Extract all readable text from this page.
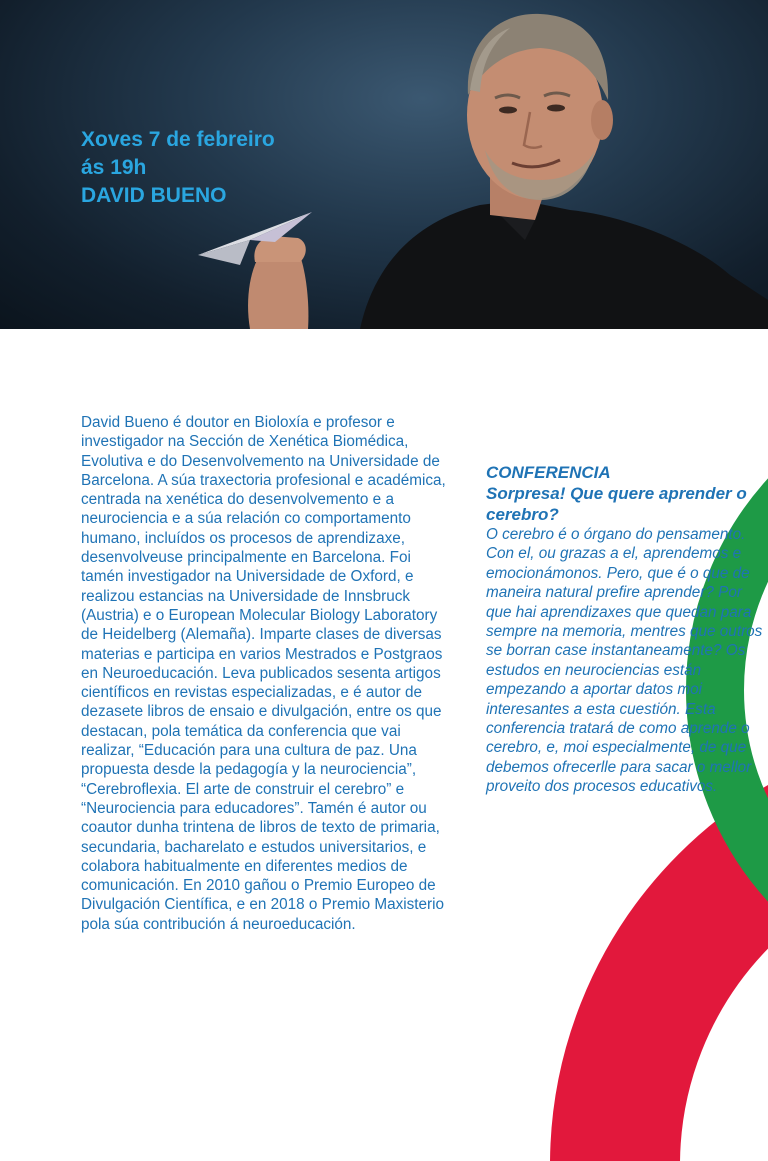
Xoves 7 de febreiro
ás 19h
DAVID BUENO
David Bueno é doutor en Bioloxía e profesor e investigador na Sección de Xenética Biomédica, Evolutiva e do Desenvolvemento na Universidade de Barcelona. A súa traxectoria profesional e académica, centrada na xenética do desenvolvemento e a neurociencia e a súa relación co comportamento humano, incluídos os procesos de aprendizaxe, desenvolveuse principalmente en Barcelona. Foi tamén investigador na Universidade de Oxford, e realizou estancias na Universidade de Innsbruck (Austria) e o European Molecular Biology Laboratory de Heidelberg (Alemaña). Imparte clases de diversas materias e participa en varios Mestrados e Postgraos en Neuroeducación. Leva publicados sesenta artigos científicos en revistas especializadas, e é autor de dezasete libros de ensaio e divulgación, entre os que destacan, pola temática da conferencia que vai realizar, “Educación para una cultura de paz. Una propuesta desde la pedagogía y la neurociencia”, “Cerebroflexia. El arte de construir el cerebro” e “Neurociencia para educadores”. Tamén é autor ou coautor dunha trintena de libros de texto de primaria, secundaria, bacharelato e estudos universitarios, e colabora habitualmente en diferentes medios de comunicación. En 2010 gañou o Premio Europeo de Divulgación Científica, e en 2018 o Premio Maxisterio pola súa contribución á neuroeducación.
CONFERENCIA
Sorpresa! Que quere aprender o cerebro?
O cerebro é o órgano do pensamento. Con el, ou grazas a el, aprendemos e emocionámonos. Pero, que é o que de maneira natural prefire aprender? Por que hai aprendizaxes que quedan para sempre na memoria, mentres que outros se borran case instantaneamente? Os estudos en neurociencias están empezando a aportar datos moi interesantes a esta cuestión. Esta conferencia tratará de como aprende o cerebro, e, moi especialmente, de que debemos ofrecerlle para sacar o mellor proveito dos procesos educativos.
